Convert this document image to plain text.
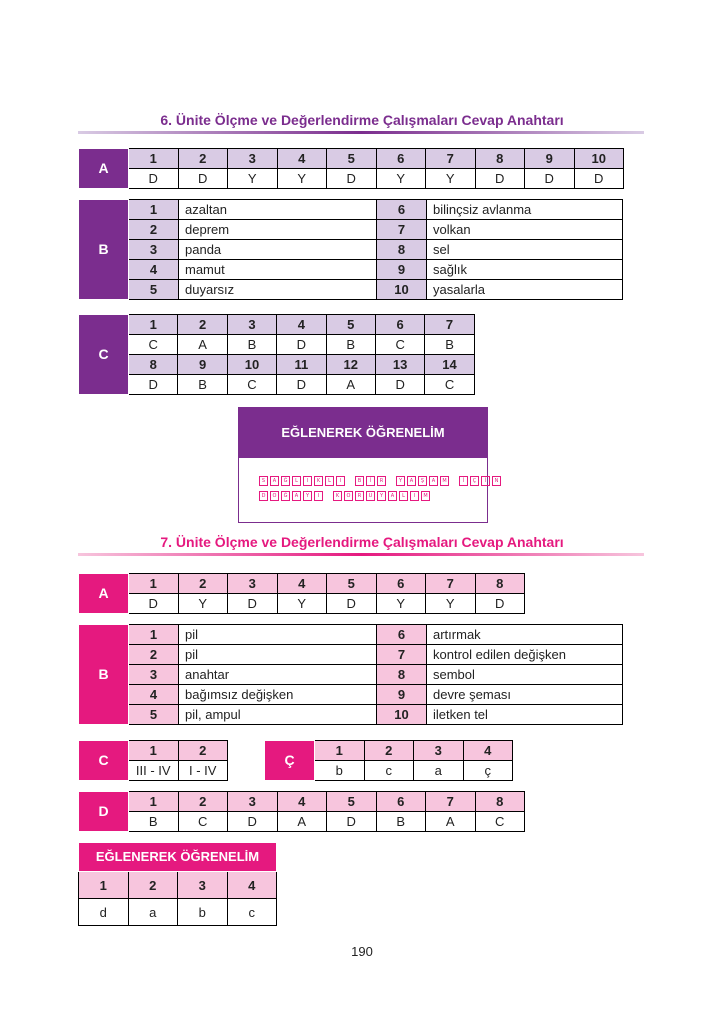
6. Ünite Ölçme ve Değerlendirme Çalışmaları Cevap Anahtarı
A	1	2	3	4	5	6	7	8	9	10
	D	D	Y	Y	D	Y	Y	D	D	D
B	1	azaltan	6	bilinçsiz avlanma
	2	deprem	7	volkan
	3	panda	8	sel
	4	mamut	9	sağlık
	5	duyarsız	10	yasalarla
C	1	2	3	4	5	6	7
	C	A	B	D	B	C	B
	8	9	10	11	12	13	14
	D	B	C	D	A	D	C
EĞLENEREK ÖĞRENELİM
S	A	Ğ	L	I	K	L	I	B	İ	R	Y	A	Ş	A	M	İ	Ç	İ	N
D	O	Ğ	A	Y	I	K	O	R	U	Y	A	L	I	M
7. Ünite Ölçme ve Değerlendirme Çalışmaları Cevap Anahtarı
A	1	2	3	4	5	6	7	8
	D	Y	D	Y	D	Y	Y	D
B	1	pil	6	artırmak
	2	pil	7	kontrol edilen değişken
	3	anahtar	8	sembol
	4	bağımsız değişken	9	devre şeması
	5	pil, ampul	10	iletken tel
C	1	2
	III - IV	I - IV
Ç	1	2	3	4
	b	c	a	ç
D	1	2	3	4	5	6	7	8
	B	C	D	A	D	B	A	C
EĞLENEREK ÖĞRENELİM			
1	2	3	4
d	a	b	c
190
